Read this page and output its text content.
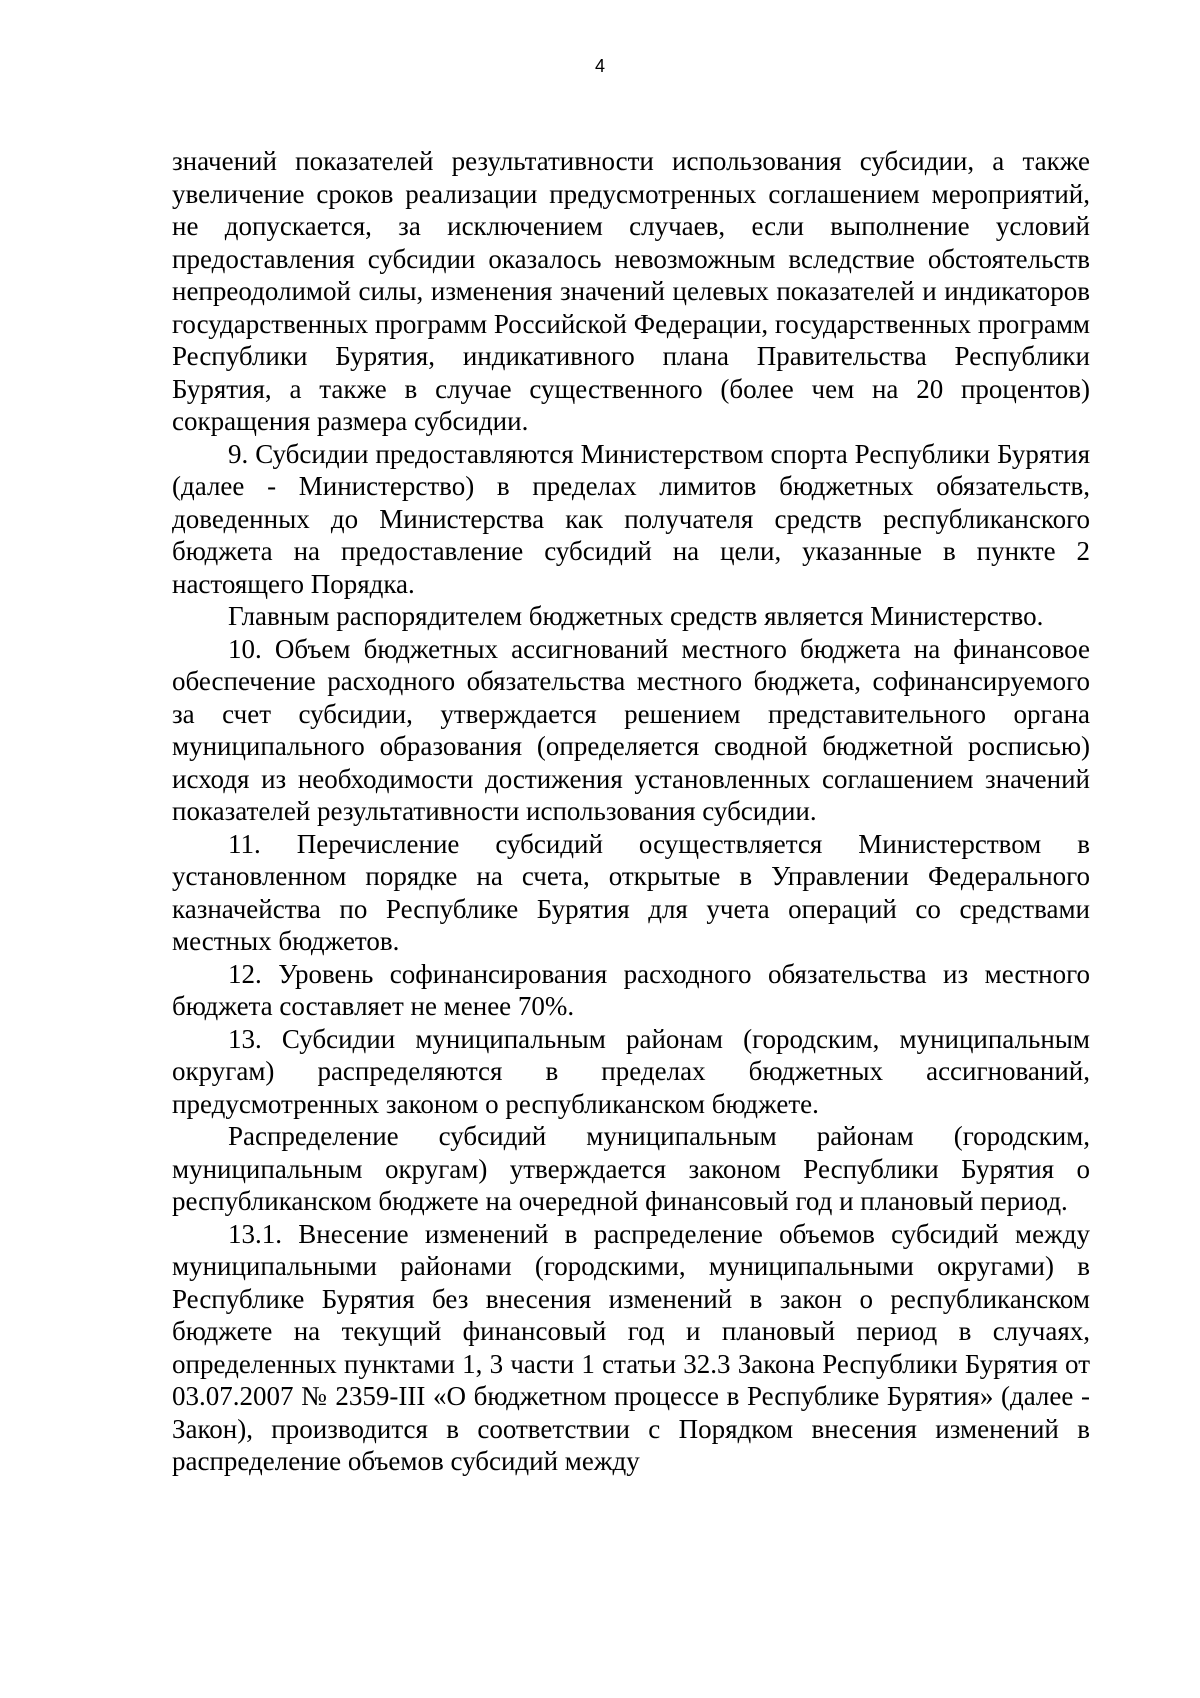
4

значений показателей результативности использования субсидии, а также увеличение сроков реализации предусмотренных соглашением мероприятий, не допускается, за исключением случаев, если выполнение условий предоставления субсидии оказалось невозможным вследствие обстоятельств непреодолимой силы, изменения значений целевых показателей и индикаторов государственных программ Российской Федерации, государственных программ Республики Бурятия, индикативного плана Правительства Республики Бурятия, а также в случае существенного (более чем на 20 процентов) сокращения размера субсидии.

9. Субсидии предоставляются Министерством спорта Республики Бурятия (далее - Министерство) в пределах лимитов бюджетных обязательств, доведенных до Министерства как получателя средств республиканского бюджета на предоставление субсидий на цели, указанные в пункте 2 настоящего Порядка.

Главным распорядителем бюджетных средств является Министерство.

10. Объем бюджетных ассигнований местного бюджета на финансовое обеспечение расходного обязательства местного бюджета, софинансируемого за счет субсидии, утверждается решением представительного органа муниципального образования (определяется сводной бюджетной росписью) исходя из необходимости достижения установленных соглашением значений показателей результативности использования субсидии.

11. Перечисление субсидий осуществляется Министерством в установленном порядке на счета, открытые в Управлении Федерального казначейства по Республике Бурятия для учета операций со средствами местных бюджетов.

12. Уровень софинансирования расходного обязательства из местного бюджета составляет не менее 70%.

13. Субсидии муниципальным районам (городским, муниципальным округам) распределяются в пределах бюджетных ассигнований, предусмотренных законом о республиканском бюджете.

Распределение субсидий муниципальным районам (городским, муниципальным округам) утверждается законом Республики Бурятия о республиканском бюджете на очередной финансовый год и плановый период.

13.1. Внесение изменений в распределение объемов субсидий между муниципальными районами (городскими, муниципальными округами) в Республике Бурятия без внесения изменений в закон о республиканском бюджете на текущий финансовый год и плановый период в случаях, определенных пунктами 1, 3 части 1 статьи 32.3 Закона Республики Бурятия от 03.07.2007 № 2359-III «О бюджетном процессе в Республике Бурятия» (далее - Закон), производится в соответствии с Порядком внесения изменений в распределение объемов субсидий между
